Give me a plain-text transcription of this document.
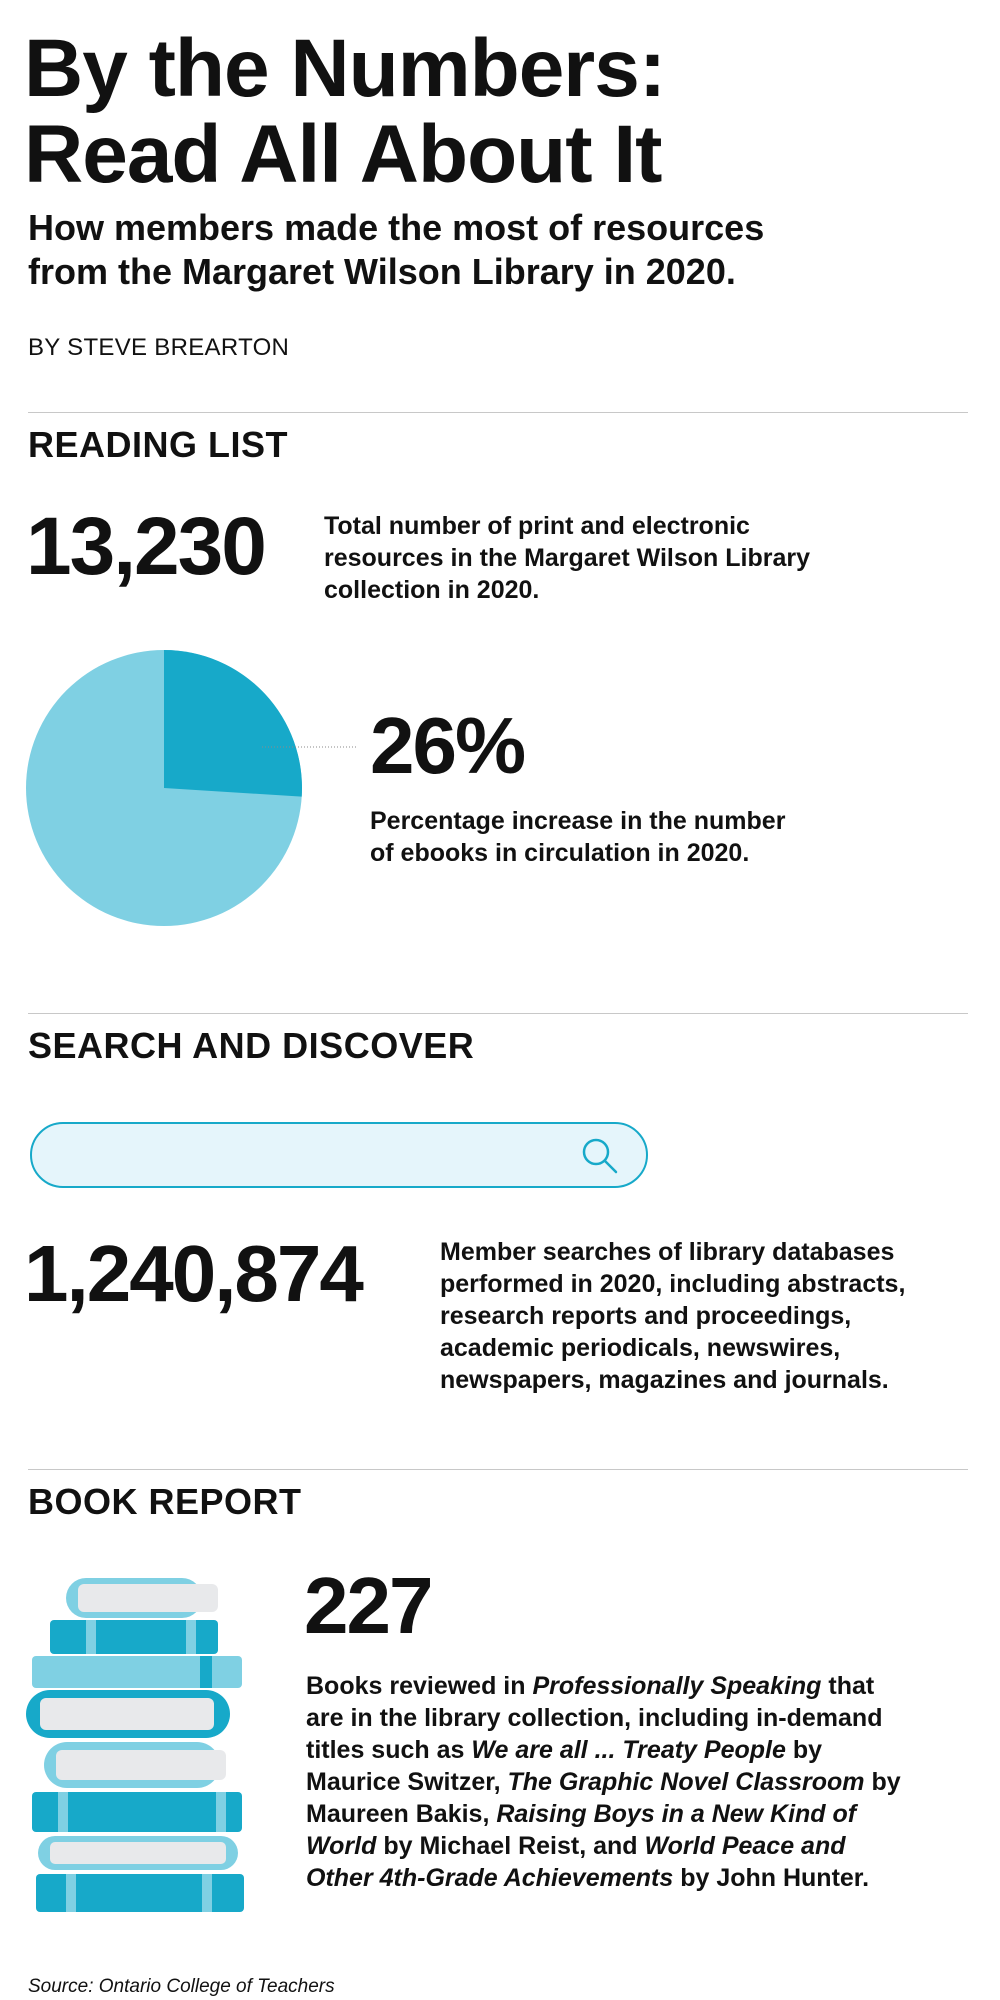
By the Numbers:
Read All About It

How members made the most of resources
from the Margaret Wilson Library in 2020.

BY STEVE BREARTON
READING LIST
13,230 Total number of print and electronic
resources in the Margaret Wilson Library
collection in 2020.

26%

Percentage increase in the number
of ebooks in circulation in 2020.

SEARCH AND DISCOVER
1,240,874	Member searches of library databases
performed in 2020, including abstracts,
research reports and proceedings,
academic periodicals, newswires,
newspapers, magazines and journals.

BOOK REPORT
227

Books reviewed in Professionally Speaking that are in the library collection, including in-demand titles such as We are all ... Treaty People by Maurice Switzer, The Graphic Novel Classroom by Maureen Bakis, Raising Boys in a New Kind of World by Michael Reist, and World Peace and Other 4th-Grade Achievements by John Hunter.

Source: Ontario College of Teachers
